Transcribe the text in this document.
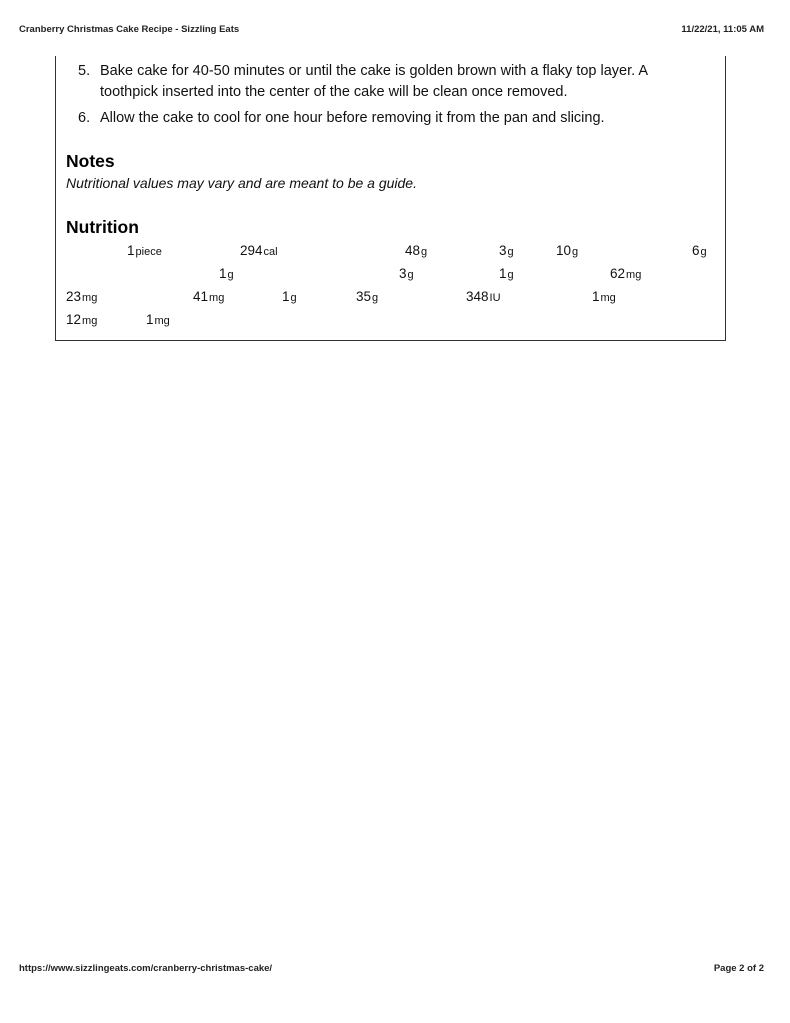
Cranberry Christmas Cake Recipe - Sizzling Eats	11/22/21, 11:05 AM
5. Bake cake for 40-50 minutes or until the cake is golden brown with a flaky top layer. A toothpick inserted into the center of the cake will be clean once removed.
6. Allow the cake to cool for one hour before removing it from the pan and slicing.
Notes
Nutritional values may vary and are meant to be a guide.
Nutrition
1piece	294cal	48g	3g	10g	6g
1g	3g	1g	62mg
23mg	41mg	1g	35g	348IU	1mg
12mg	1mg
https://www.sizzlingeats.com/cranberry-christmas-cake/	Page 2 of 2
